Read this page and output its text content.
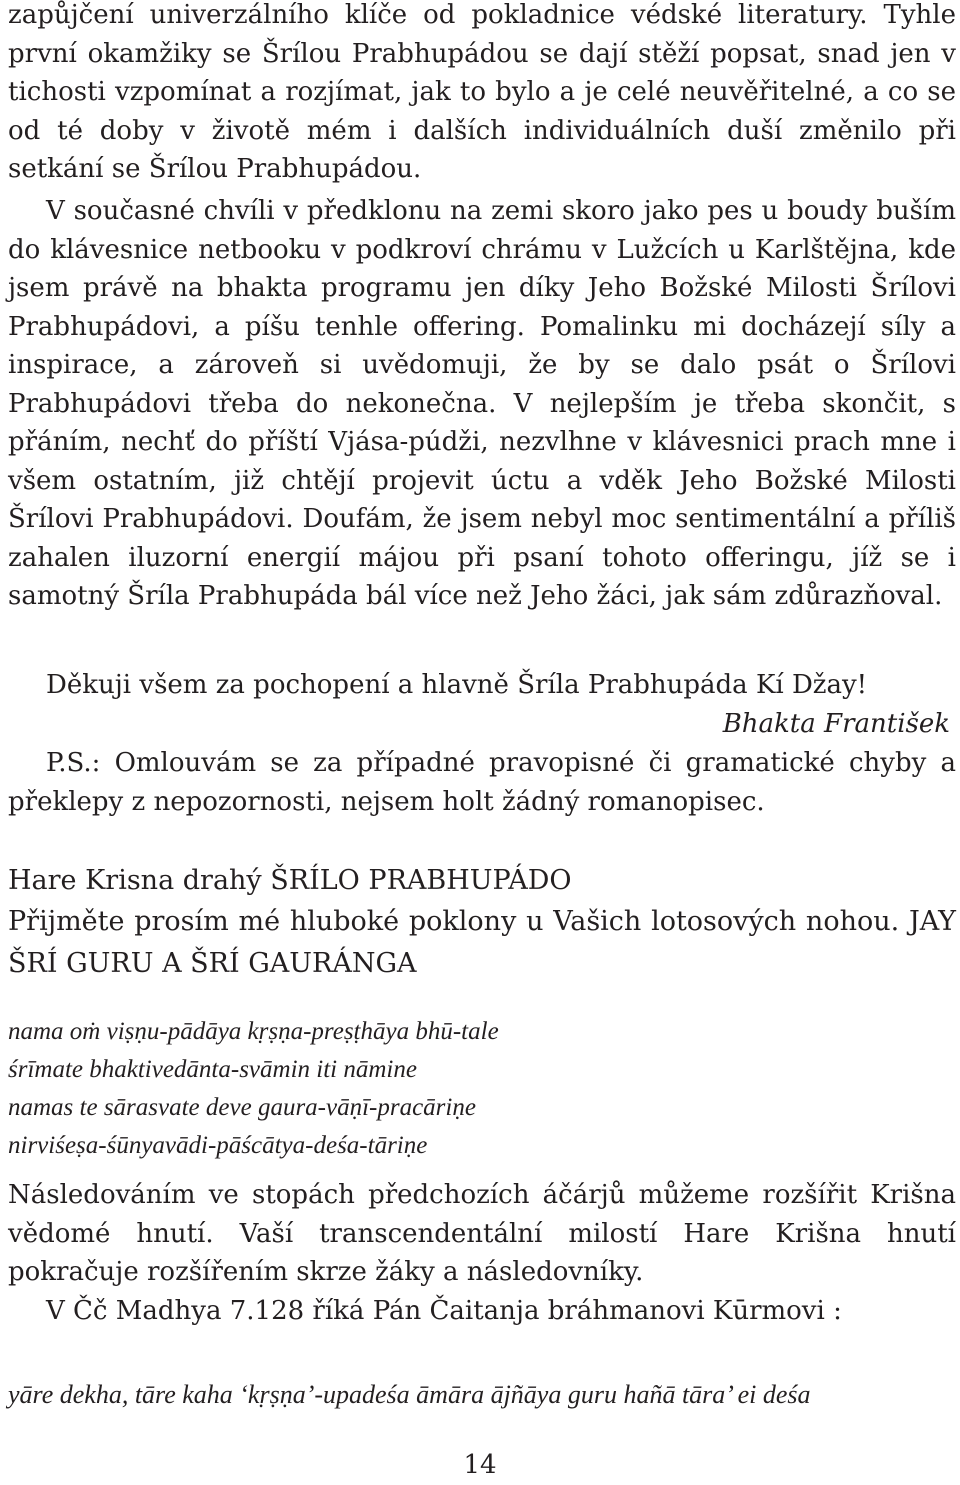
zapůjčení univerzálního klíče od pokladnice védské literatury. Tyhle první okamžiky se Šrílou Prabhupádou se dají stěží popsat, snad jen v tichosti vzpomínat a rozjímat, jak to bylo a je celé neuvěřitelné, a co se od té doby v životě mém i dalších individuálních duší změnilo při setkání se Šrílou Prabhupádou.

V současné chvíli v předklonu na zemi skoro jako pes u boudy buším do klávesnice netbooku v podkroví chrámu v Lužcích u Karlštějna, kde jsem právě na bhakta programu jen díky Jeho Božské Milosti Šrílovi Prabhupádovi, a píšu tenhle offering. Pomalinku mi docházejí síly a inspirace, a zároveň si uvědomuji, že by se dalo psát o Šrílovi Prabhupádovi třeba do nekonečna. V nejlepším je třeba skončit, s přáním, nechť do příští Vjása-púdži, nezvlhne v klávesnici prach mne i všem ostatním, již chtějí projevit úctu a vděk Jeho Božské Milosti Šrílovi Prabhupádovi. Doufám, že jsem nebyl moc sentimentální a příliš zahalen iluzorní energií májou při psaní tohoto offeringu, jíž se i samotný Šríla Prabhupáda bál více než Jeho žáci, jak sám zdůrazňoval.

Děkuji všem za pochopení a hlavně Šríla Prabhupáda Kí Džay!

Bhakta František

P.S.: Omlouvám se za případné pravopisné či gramatické chyby a překlepy z nepozornosti, nejsem holt žádný romanopisec.

Hare Krisna drahý ŠRÍLO PRABHUPÁDO

Přijměte prosím mé hluboké poklony u Vašich lotosových nohou. JAY ŠRÍ GURU A ŠRÍ GAURÁNGA

nama oṁ viṣṇu-pādāya kṛṣṇa-preṣṭhāya bhū-tale

śrīmate bhaktivedānta-svāmin iti nāmine

namas te sārasvate deve gaura-vāṇī-pracāriṇe

nirviśeṣa-śūnyavādi-pāścātya-deśa-tāriṇe

Následováním ve stopách předchozích áčárjů můžeme rozšířit Krišna vědomé hnutí. Vaší transcendentální milostí Hare Krišna hnutí pokračuje rozšířením skrze žáky a následovníky.

V Čč Madhya 7.128 říká Pán Čaitanja bráhmanovi Kūrmovi :

yāre dekha, tāre kaha ‘kṛṣṇa’-upadeśa āmāra ājñāya guru hañā tāra’ ei deśa

14
